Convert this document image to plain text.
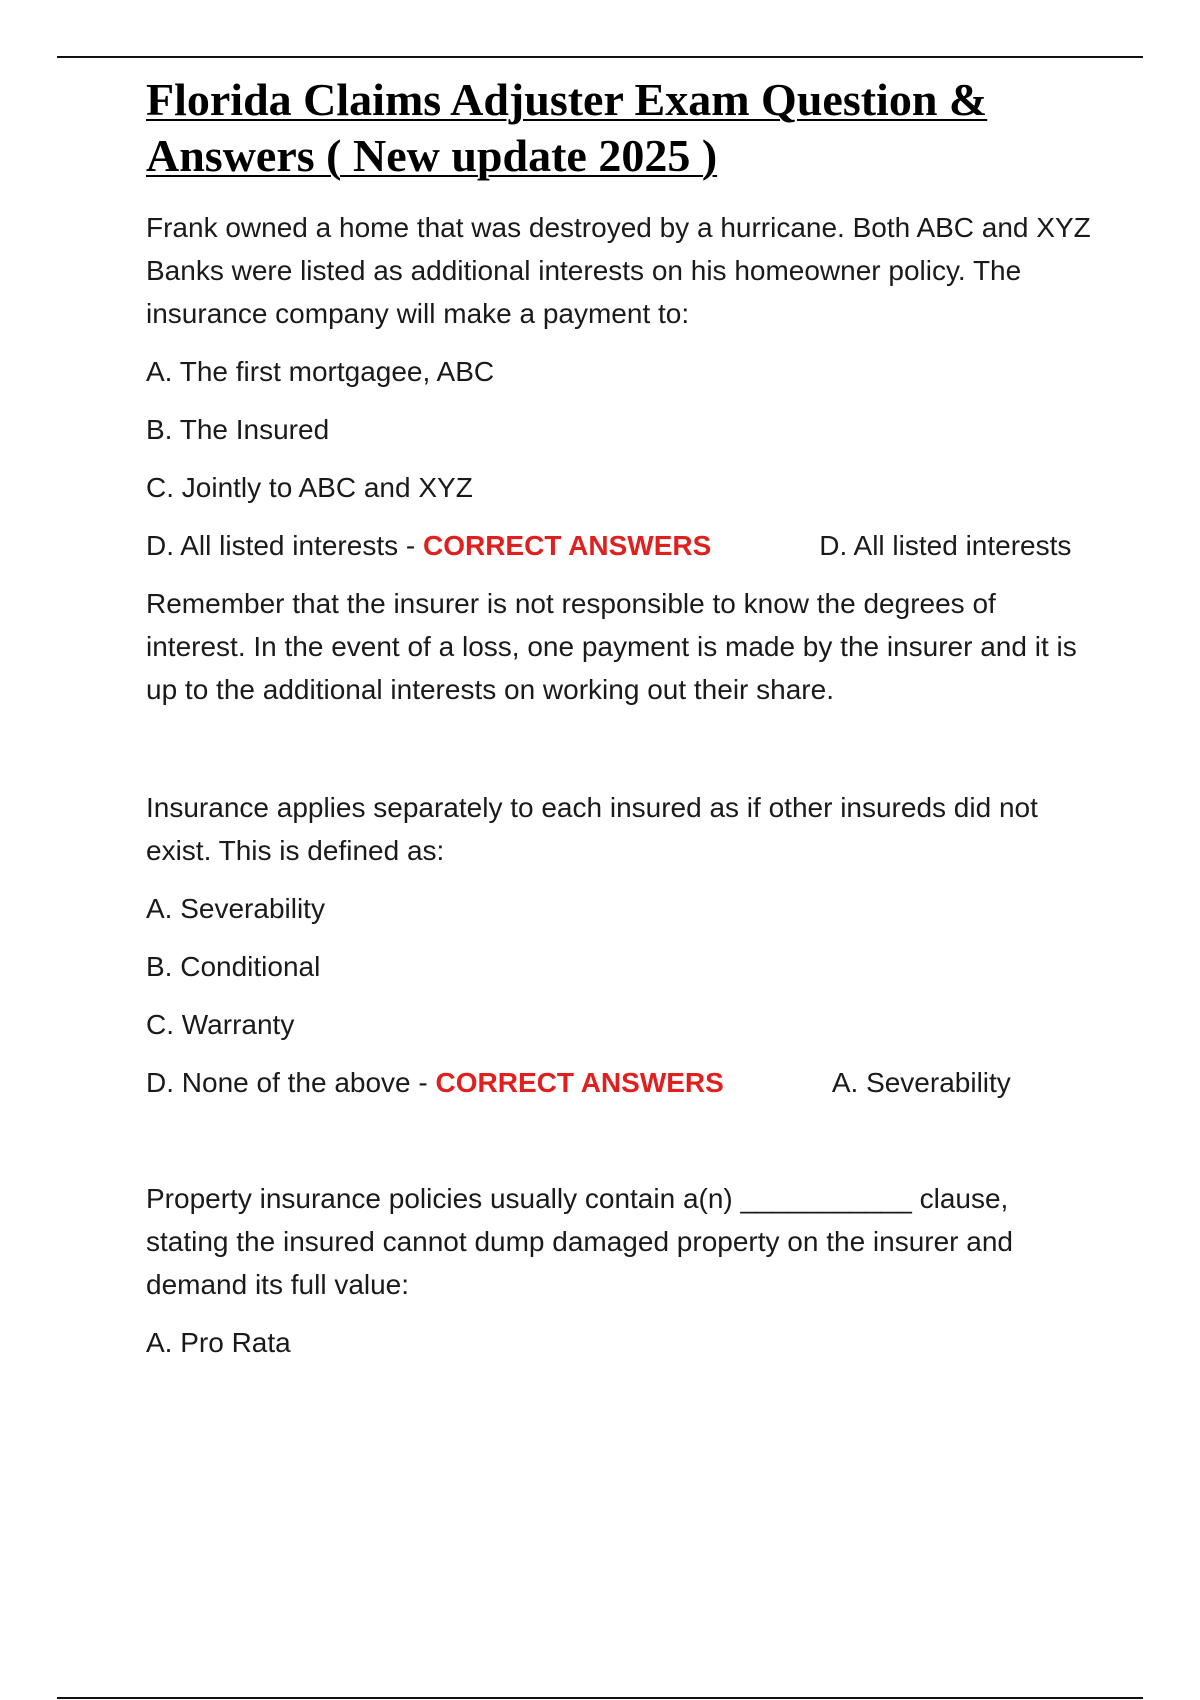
Florida Claims Adjuster Exam Question & Answers ( New update 2025 )

Frank owned a home that was destroyed by a hurricane. Both ABC and XYZ Banks were listed as additional interests on his homeowner policy. The insurance company will make a payment to:

A. The first mortgagee, ABC

B. The Insured

C. Jointly to ABC and XYZ

D. All listed interests - CORRECT ANSWERS	D. All listed interests

Remember that the insurer is not responsible to know the degrees of interest. In the event of a loss, one payment is made by the insurer and it is up to the additional interests on working out their share.

Insurance applies separately to each insured as if other insureds did not exist. This is defined as:

A. Severability

B. Conditional

C. Warranty

D. None of the above - CORRECT ANSWERS	A. Severability

Property insurance policies usually contain a(n) ___________ clause, stating the insured cannot dump damaged property on the insurer and demand its full value:

A. Pro Rata
